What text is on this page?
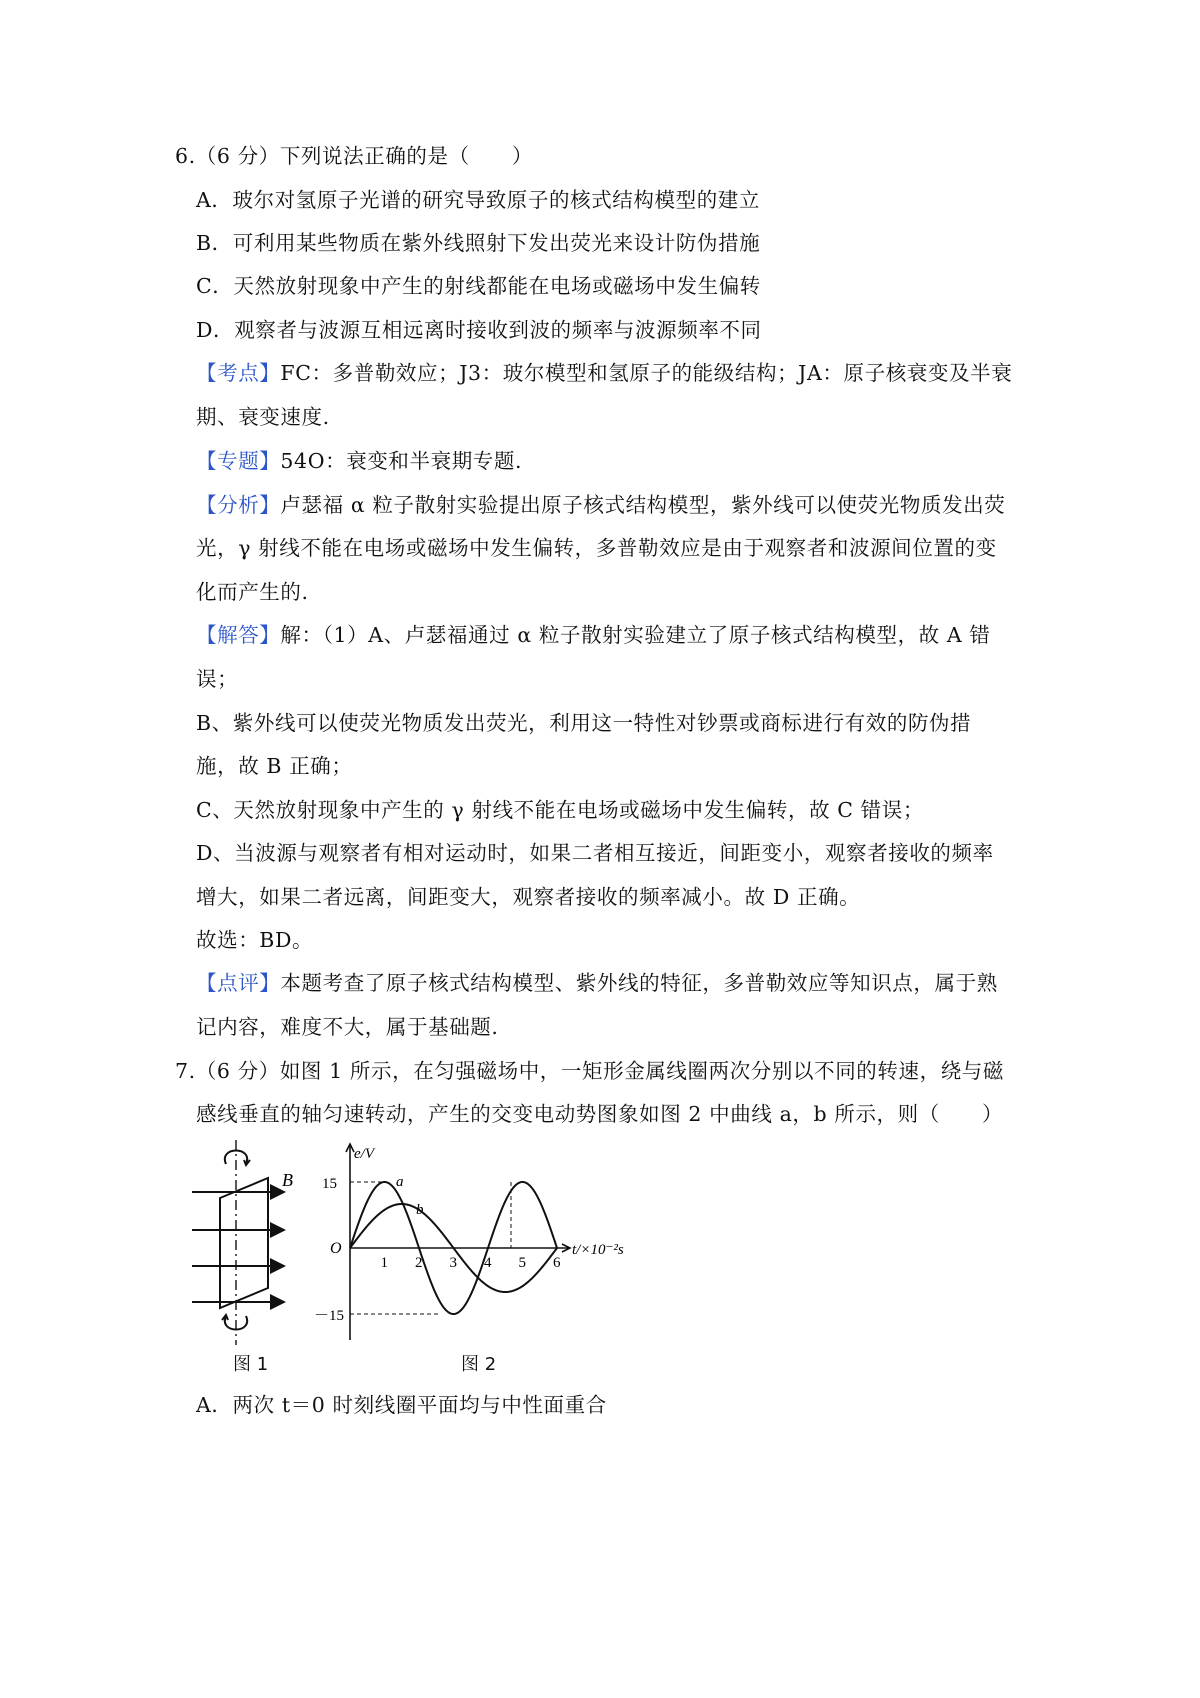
6.（6 分）下列说法正确的是（　　）
A．玻尔对氢原子光谱的研究导致原子的核式结构模型的建立
B．可利用某些物质在紫外线照射下发出荧光来设计防伪措施
C．天然放射现象中产生的射线都能在电场或磁场中发生偏转
D．观察者与波源互相远离时接收到波的频率与波源频率不同
【考点】FC：多普勒效应；J3：玻尔模型和氢原子的能级结构；JA：原子核衰变及半衰
期、衰变速度.
【专题】54O：衰变和半衰期专题.
【分析】卢瑟福 α 粒子散射实验提出原子核式结构模型，紫外线可以使荧光物质发出荧
光，γ 射线不能在电场或磁场中发生偏转，多普勒效应是由于观察者和波源间位置的变
化而产生的.
【解答】解：（1）A、卢瑟福通过 α 粒子散射实验建立了原子核式结构模型，故 A 错
误；
B、紫外线可以使荧光物质发出荧光，利用这一特性对钞票或商标进行有效的防伪措
施，故 B 正确；
C、天然放射现象中产生的 γ 射线不能在电场或磁场中发生偏转，故 C 错误；
D、当波源与观察者有相对运动时，如果二者相互接近，间距变小，观察者接收的频率
增大，如果二者远离，间距变大，观察者接收的频率减小。故 D 正确。
故选：BD。
【点评】本题考查了原子核式结构模型、紫外线的特征，多普勒效应等知识点，属于熟
记内容，难度不大，属于基础题.
7.（6 分）如图 1 所示，在匀强磁场中，一矩形金属线圈两次分别以不同的转速，绕与磁
感线垂直的轴匀速转动，产生的交变电动势图象如图 2 中曲线 a，b 所示，则（　　）
B
图 1
e/V
15
－15
O	t/×10⁻²s
1 2 3 4 5 6
a
b
图 2
A．两次 t＝0 时刻线圈平面均与中性面重合
